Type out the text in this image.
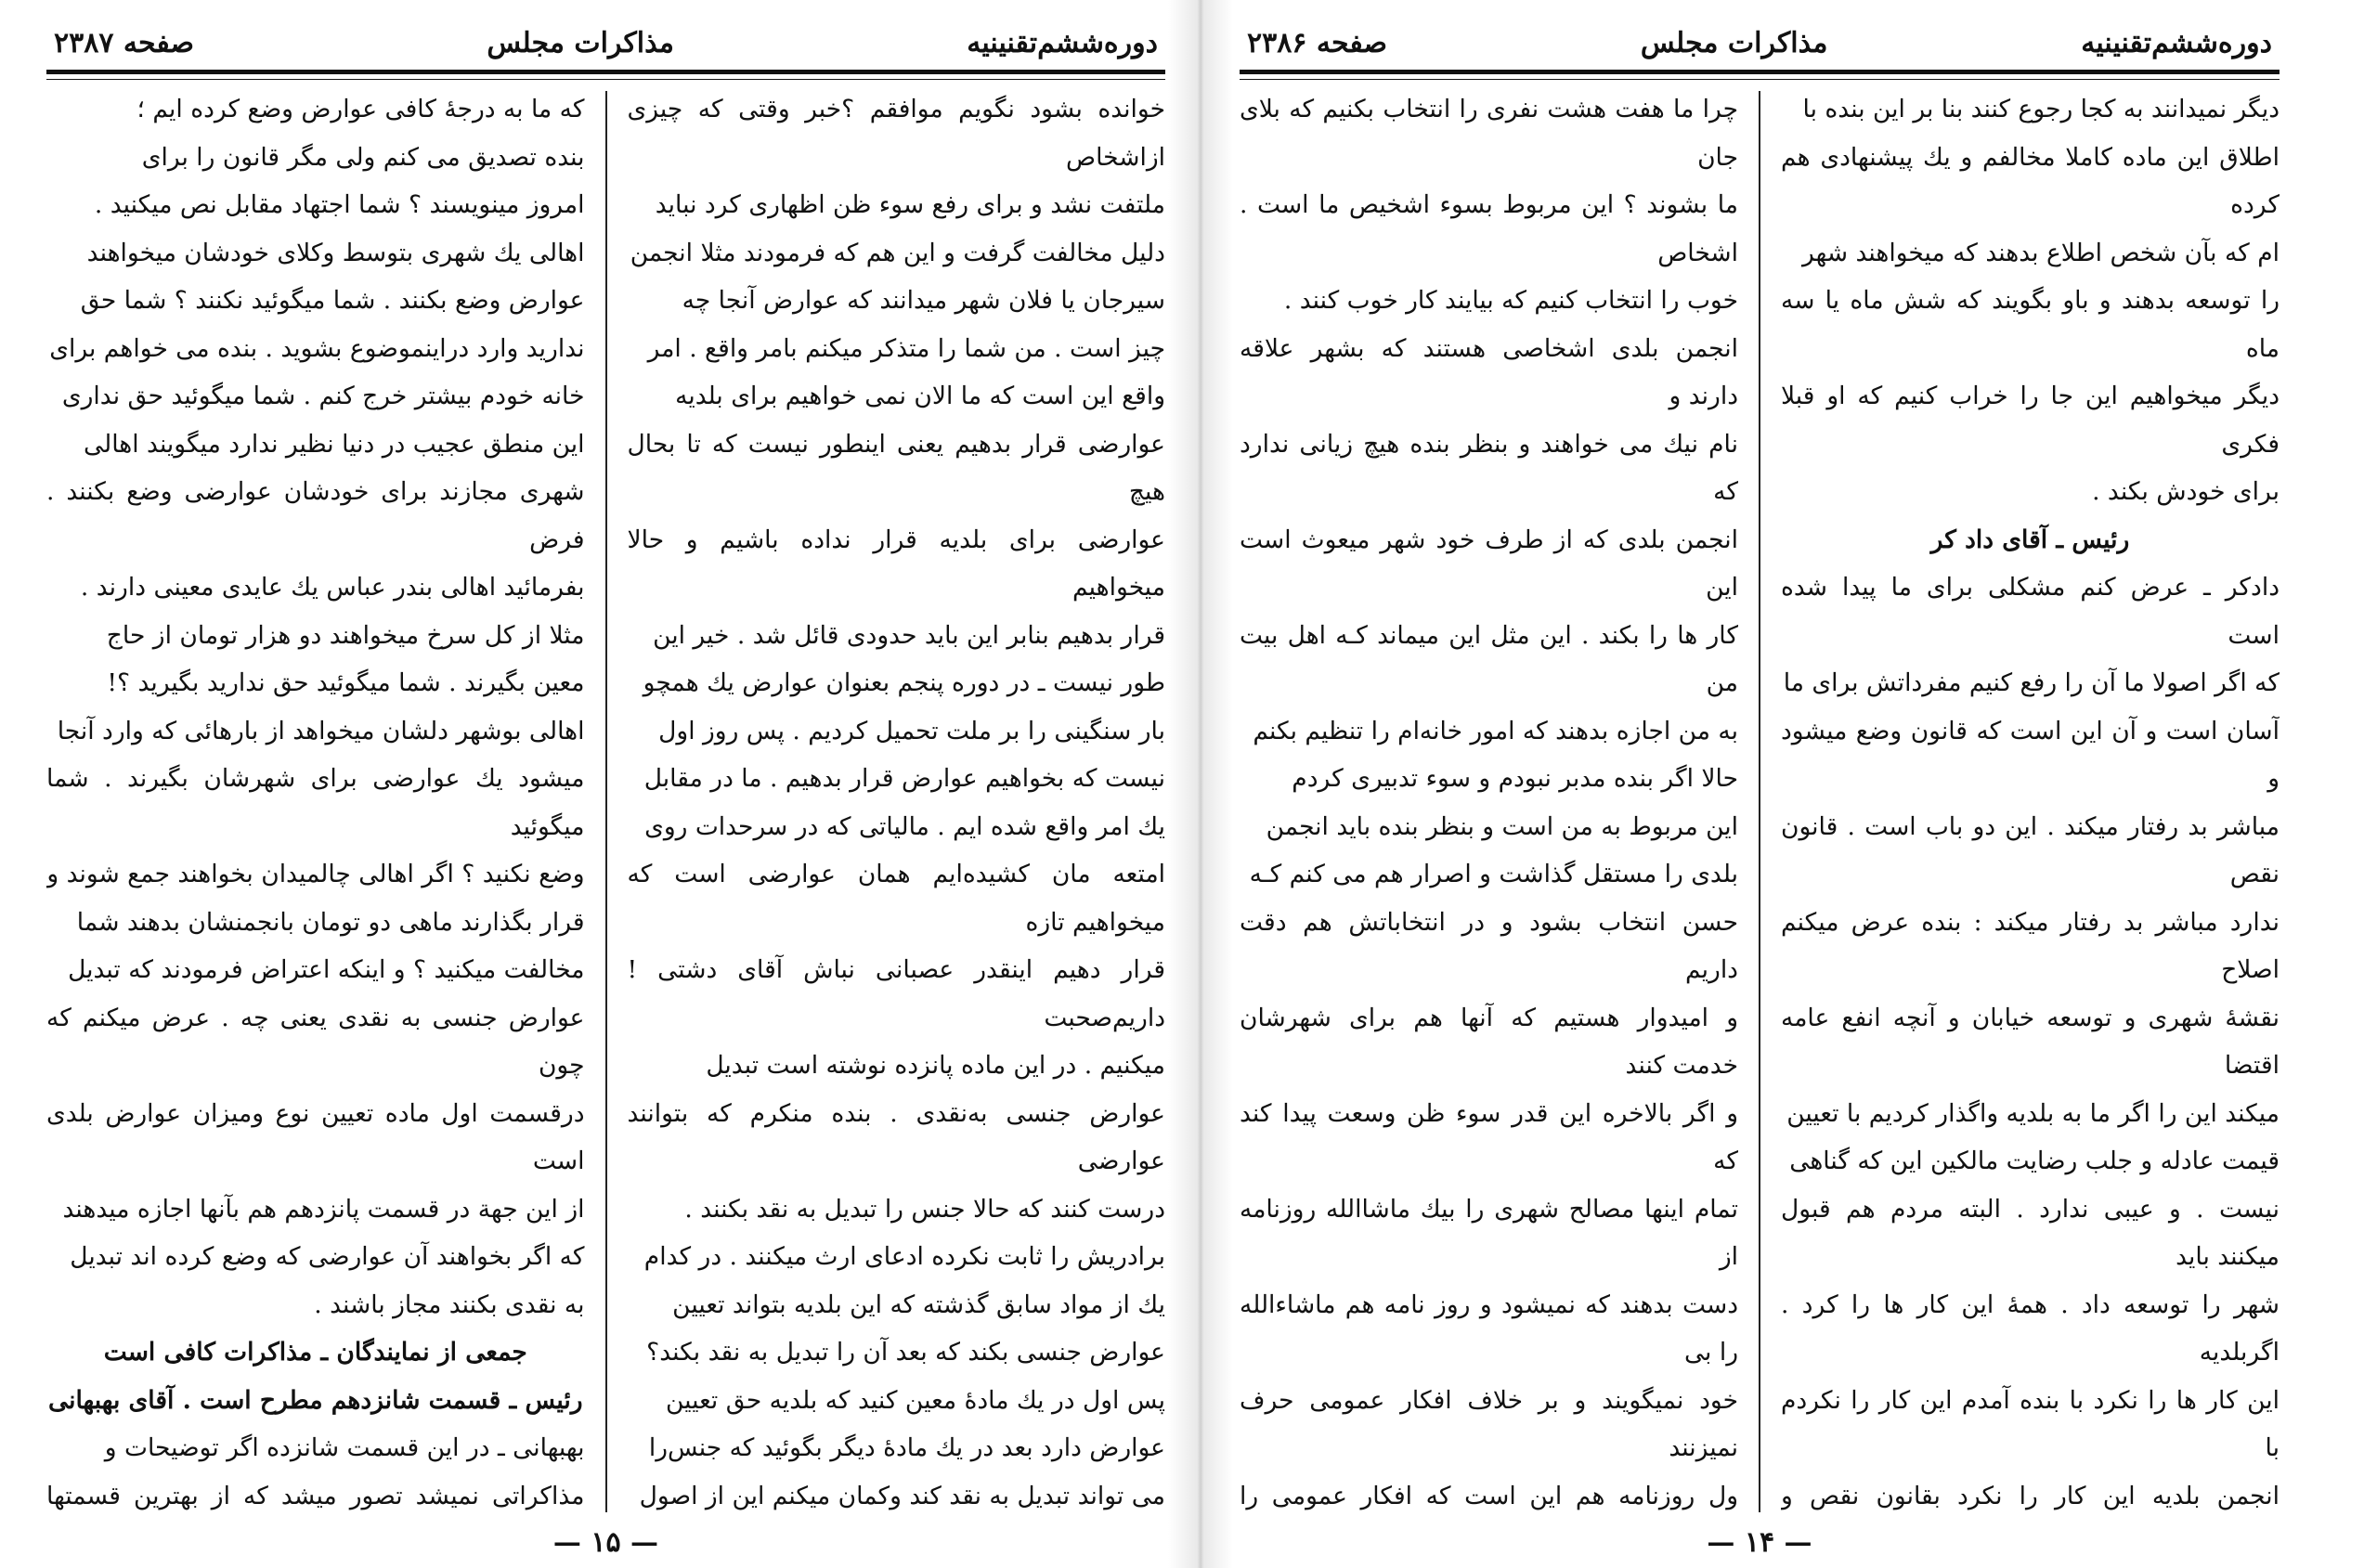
دوره‌ششم‌تقنینیه
مذاکرات مجلس
صفحه ۲۳۸۷

خوانده بشود نگویم موافقم ؟خبر وقتی که چیزی ازاشخاص

ملتفت نشد و برای رفع سوء ظن اظهاری کرد نباید

دلیل مخالفت گرفت و این هم که فرمودند مثلا انجمن

سیرجان یا فلان شهر میدانند که عوارض آنجا چه

چیز است . من شما را متذکر میکنم بامر واقع . امر

واقع این است که ما الان نمی خواهیم برای بلدیه

عوارضی قرار بدهیم یعنی اینطور نیست که تا بحال هیچ

عوارضی برای بلدیه قرار نداده باشیم و حالا میخواهیم

قرار بدهیم بنابر این باید حدودی قائل شد . خیر این

طور نیست ـ در دوره پنجم بعنوان عوارض یك همچو

بار سنگینی را بر ملت تحمیل کردیم . پس روز اول

نیست که بخواهیم عوارض قرار بدهیم . ما در مقابل

یك امر واقع شده ایم . مالیاتی که در سرحدات روی

امتعه مان کشیده‌ایم همان عوارضی است که میخواهیم تازه

قرار دهیم اینقدر عصبانی نباش آقای دشتی ! داریم‌صحبت

میکنیم . در این ماده پانزده نوشته است تبدیل

عوارض جنسی به‌نقدی . بنده منکرم که بتوانند عوارضی

درست کنند که حالا جنس را تبدیل به نقد بکنند .

برادریش را ثابت نکرده ادعای ارث میکنند . در کدام

یك از مواد سابق گذشته که این بلدیه بتواند تعیین

عوارض جنسی بکند که بعد آن را تبدیل به نقد بکند؟

پس اول در یك مادهٔ معین کنید که بلدیه حق تعیین

عوارض دارد بعد در یك مادهٔ دیگر بگوئید که جنس‌را

می تواند تبدیل به نقد کند وکمان میکنم این از اصول

که ما به درجهٔ کافی عوارض وضع کرده ایم ؛

بنده تصدیق می کنم ولی مگر قانون را برای

امروز مینویسند ؟ شما اجتهاد مقابل نص میکنید .

اهالی یك شهری بتوسط وکلای خودشان میخواهند

عوارض وضع بکنند . شما میگوئید نکنند ؟ شما حق

ندارید وارد دراینموضوع بشوید . بنده می خواهم برای

خانه خودم بیشتر خرج کنم . شما میگوئید حق نداری

این منطق عجیب در دنیا نظیر ندارد میگویند اهالی

شهری مجازند برای خودشان عوارضی وضع بکنند . فرض

بفرمائید اهالی بندر عباس یك عایدی معینی دارند .

مثلا از کل سرخ میخواهند دو هزار تومان از حاج

معین بگیرند . شما میگوئید حق ندارید بگیرید ؟!

اهالی بوشهر دلشان میخواهد از بارهائی که وارد آنجا

میشود یك عوارضی برای شهرشان بگیرند . شما میگوئید

وضع نکنید ؟ اگر اهالی چالمیدان بخواهند جمع شوند و

قرار بگذارند ماهی دو تومان بانجمنشان بدهند شما

مخالفت میکنید ؟ و اینکه اعتراض فرمودند که تبدیل

عوارض جنسی به نقدی یعنی چه . عرض میکنم که چون

درقسمت اول ماده تعیین نوع ومیزان عوارض بلدی است

از این جهة در قسمت پانزدهم هم بآنها اجازه میدهند

که اگر بخواهند آن عوارضی که وضع کرده اند تبدیل

به نقدی بکنند مجاز باشند .

جمعی از نمایندگان ـ مذاکرات کافی است

رئیس ـ قسمت شانزدهم مطرح است . آقای بهبهانی

بهبهانی ـ در این قسمت شانزده اگر توضیحات و

مذاکراتی نمیشد تصور میشد که از بهترین قسمتها

— ۱۵ —
دوره‌ششم‌تقنینیه
مذاکرات مجلس
صفحه ۲۳۸۶

دیگر نمیدانند به کجا رجوع کنند بنا بر این بنده با

اطلاق این ماده کاملا مخالفم و یك پیشنهادی هم کرده

ام که بآن شخص اطلاع بدهند که میخواهند شهر

را توسعه بدهند و باو بگویند که شش ماه یا سه ماه

دیگر میخواهیم این جا را خراب کنیم که او قبلا فکری

برای خودش بکند .

رئیس ـ آقای داد کر

دادکر ـ عرض کنم مشکلی برای ما پیدا شده است

که اگر اصولا ما آن را رفع کنیم مفرداتش برای ما

آسان است و آن این است که قانون وضع میشود و

مباشر بد رفتار میکند . این دو باب است . قانون نقص

ندارد مباشر بد رفتار میکند : بنده عرض میکنم اصلاح

نقشهٔ شهری و توسعه خیابان و آنچه انفع عامه اقتضا

میکند این را اگر ما به بلدیه واگذار کردیم با تعیین

قیمت عادله و جلب رضایت مالکین این که گناهی

نیست . و عیبی ندارد . البته مردم هم قبول میکنند باید

شهر را توسعه داد . همهٔ این کار ها را کرد . اگربلدیه

این کار ها را نکرد با بنده آمدم این کار را نکردم با

انجمن بلدیه این کار را نکرد بقانون نقص و

چرا ما هفت هشت نفری را انتخاب بکنیم که بلای جان

ما بشوند ؟ این مربوط بسوء اشخیص ما است . اشخاص

خوب را انتخاب کنیم که بیایند کار خوب کنند .

انجمن بلدی اشخاصی هستند که بشهر علاقه دارند و

نام نیك می خواهند و بنظر بنده هیچ زیانی ندارد که

انجمن بلدی که از طرف خود شهر میعوث است این

کار ها را بکند . این مثل این میماند کـه اهل بیت من

به من اجازه بدهند که امور خانه‌ام را تنظیم بکنم

حالا اگر بنده مدبر نبودم و سوء تدبیری کردم

این مربوط به من است و بنظر بنده باید انجمن

بلدی را مستقل گذاشت و اصرار هم می کنم کـه

حسن انتخاب بشود و در انتخاباتش هم دقت داریم

و امیدوار هستیم که آنها هم برای شهرشان خدمت کنند

و اگر بالاخره این قدر سوء ظن وسعت پیدا کند که

تمام اینها مصالح شهری را بیك ماشاالله روزنامه از

دست بدهند که نمیشود و روز نامه هم ماشاءالله را بی

خود نمیگویند و بر خلاف افکار عمومی حرف نمیزنند

ول روزنامه هم این است که افکار عمومی را

— ۱۴ —
